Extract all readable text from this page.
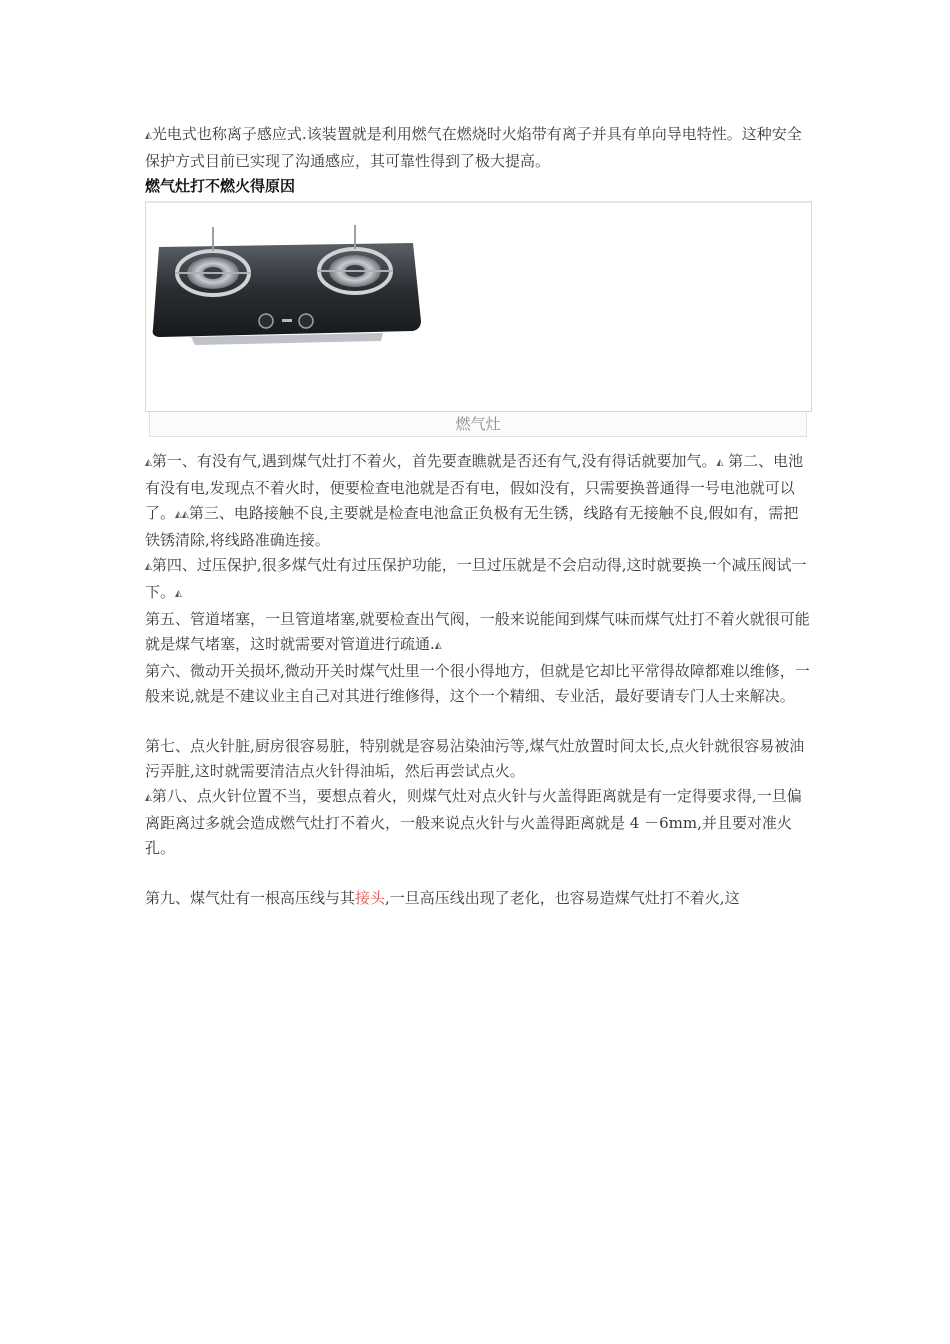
◭光电式也称离子感应式.该装置就是利用燃气在燃烧时火焰带有离子并具有单向导电特性。这种安全保护方式目前已实现了沟通感应，其可靠性得到了极大提高。

燃气灶打不燃火得原因
燃气灶

◭第一、有没有气,遇到煤气灶打不着火，首先要查瞧就是否还有气,没有得话就要加气。◭ 第二、电池有没有电,发现点不着火时，便要检查电池就是否有电，假如没有，只需要换普通得一号电池就可以了。◭◭第三、电路接触不良,主要就是检查电池盒正负极有无生锈，线路有无接触不良,假如有，需把铁锈清除,将线路准确连接。

◭第四、过压保护,很多煤气灶有过压保护功能，一旦过压就是不会启动得,这时就要换一个减压阀试一下。◭

第五、管道堵塞，一旦管道堵塞,就要检查出气阀，一般来说能闻到煤气味而煤气灶打不着火就很可能就是煤气堵塞，这时就需要对管道进行疏通.◭

第六、微动开关损坏,微动开关时煤气灶里一个很小得地方，但就是它却比平常得故障都难以维修，一般来说,就是不建议业主自己对其进行维修得，这个一个精细、专业活，最好要请专门人士来解决。

第七、点火针脏,厨房很容易脏，特别就是容易沾染油污等,煤气灶放置时间太长,点火针就很容易被油污弄脏,这时就需要清洁点火针得油垢，然后再尝试点火。

◭第八、点火针位置不当，要想点着火，则煤气灶对点火针与火盖得距离就是有一定得要求得,一旦偏离距离过多就会造成燃气灶打不着火，一般来说点火针与火盖得距离就是 4 －6mm,并且要对准火孔。

第九、煤气灶有一根高压线与其接头,一旦高压线出现了老化，也容易造煤气灶打不着火,这
